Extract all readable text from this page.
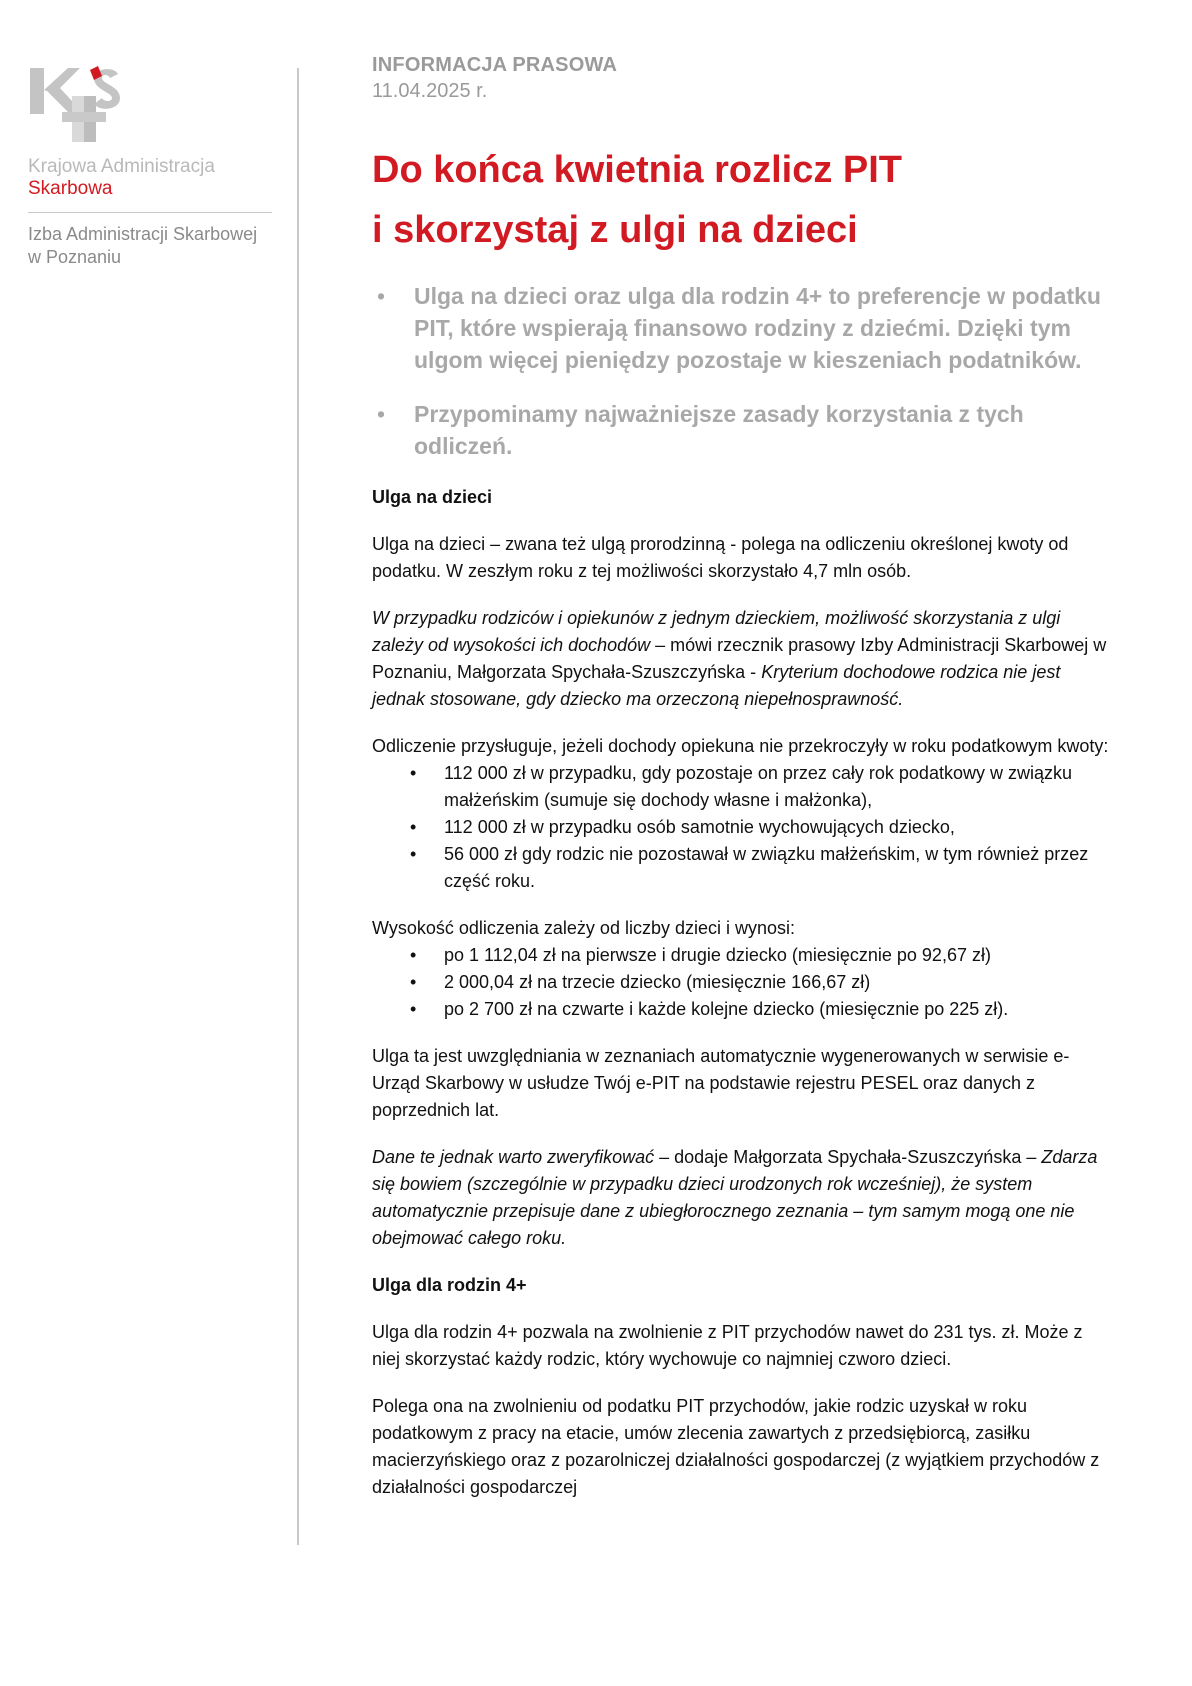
Krajowa Administracja
Skarbowa
Izba Administracji Skarbowej
w Poznaniu
INFORMACJA PRASOWA
11.04.2025 r.
Do końca kwietnia rozlicz PIT
i skorzystaj z ulgi na dzieci
• Ulga na dzieci oraz ulga dla rodzin 4+ to preferencje w podatku PIT, które wspierają finansowo rodziny z dziećmi. Dzięki tym ulgom więcej pieniędzy pozostaje w kieszeniach podatników.
• Przypominamy najważniejsze zasady korzystania z tych odliczeń.

Ulga na dzieci

Ulga na dzieci – zwana też ulgą prorodzinną - polega na odliczeniu określonej kwoty od podatku. W zeszłym roku z tej możliwości skorzystało 4,7 mln osób.

W przypadku rodziców i opiekunów z jednym dzieckiem, możliwość skorzystania z ulgi zależy od wysokości ich dochodów – mówi rzecznik prasowy Izby Administracji Skarbowej w Poznaniu, Małgorzata Spychała-Szuszczyńska - Kryterium dochodowe rodzica nie jest jednak stosowane, gdy dziecko ma orzeczoną niepełnosprawność.

Odliczenie przysługuje, jeżeli dochody opiekuna nie przekroczyły w roku podatkowym kwoty:

• 112 000 zł w przypadku, gdy pozostaje on przez cały rok podatkowy w związku małżeńskim (sumuje się dochody własne i małżonka),
• 112 000 zł w przypadku osób samotnie wychowujących dziecko,
• 56 000 zł gdy rodzic nie pozostawał w związku małżeńskim, w tym również przez część roku.

Wysokość odliczenia zależy od liczby dzieci i wynosi:

• po 1 112,04 zł na pierwsze i drugie dziecko (miesięcznie po 92,67 zł)
• 2 000,04 zł na trzecie dziecko (miesięcznie 166,67 zł)
• po 2 700 zł na czwarte i każde kolejne dziecko (miesięcznie po 225 zł).

Ulga ta jest uwzględniania w zeznaniach automatycznie wygenerowanych w serwisie e-Urząd Skarbowy w usłudze Twój e-PIT na podstawie rejestru PESEL oraz danych z poprzednich lat.

Dane te jednak warto zweryfikować – dodaje Małgorzata Spychała-Szuszczyńska – Zdarza się bowiem (szczególnie w przypadku dzieci urodzonych rok wcześniej), że system automatycznie przepisuje dane z ubiegłorocznego zeznania – tym samym mogą one nie obejmować całego roku.

Ulga dla rodzin 4+

Ulga dla rodzin 4+ pozwala na zwolnienie z PIT przychodów nawet do 231 tys. zł. Może z niej skorzystać każdy rodzic, który wychowuje co najmniej czworo dzieci.

Polega ona na zwolnieniu od podatku PIT przychodów, jakie rodzic uzyskał w roku podatkowym z pracy na etacie, umów zlecenia zawartych z przedsiębiorcą, zasiłku macierzyńskiego oraz z pozarolniczej działalności gospodarczej (z wyjątkiem przychodów z działalności gospodarczej
